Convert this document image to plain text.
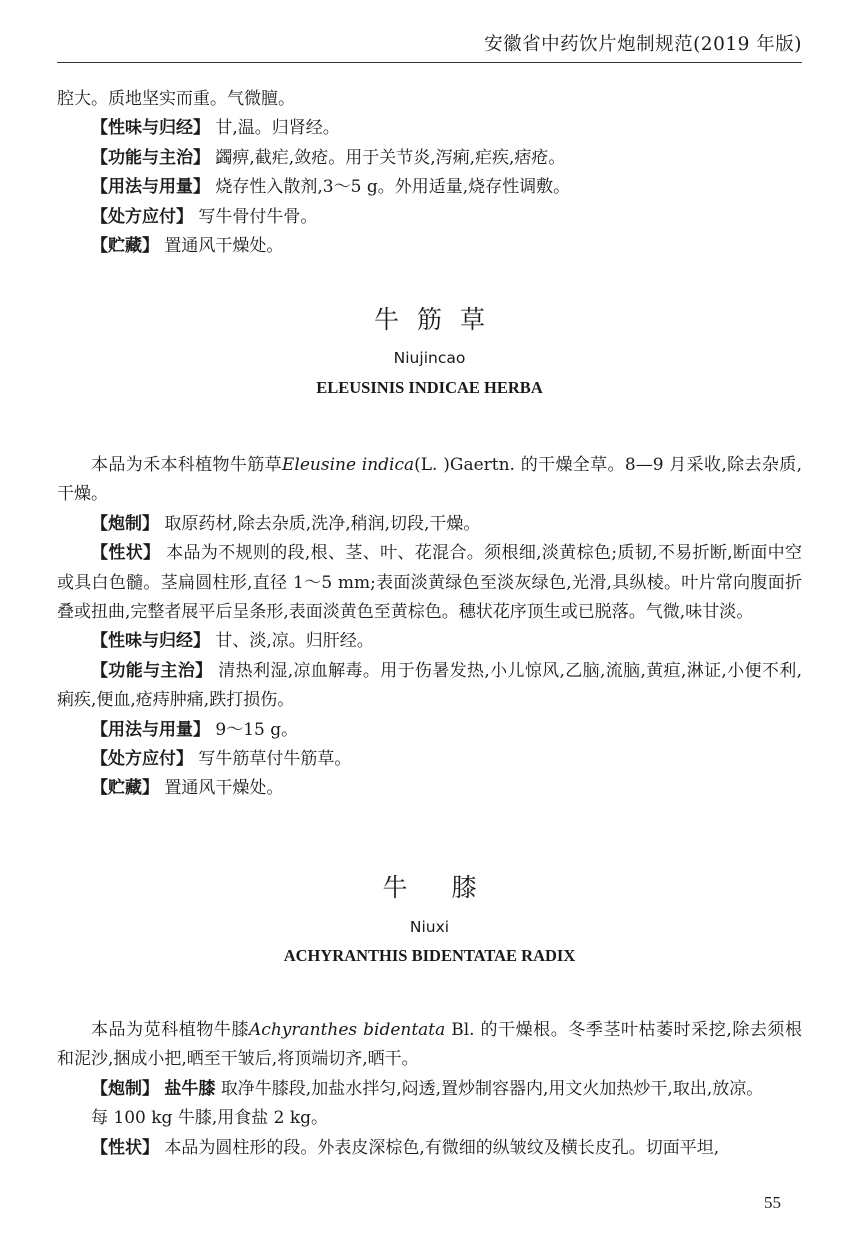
安徽省中药饮片炮制规范(2019 年版)

腔大。质地坚实而重。气微膻。

【性味与归经】 甘,温。归肾经。

【功能与主治】 蠲痹,截疟,敛疮。用于关节炎,泻痢,疟疾,痞疮。

【用法与用量】 烧存性入散剂,3～5 g。外用适量,烧存性调敷。

【处方应付】 写牛骨付牛骨。

【贮藏】 置通风干燥处。

牛筋草
Niujincao
ELEUSINIS INDICAE HERBA

本品为禾本科植物牛筋草Eleusine indica(L. )Gaertn. 的干燥全草。8—9 月采收,除去杂质,干燥。

【炮制】 取原药材,除去杂质,洗净,稍润,切段,干燥。

【性状】 本品为不规则的段,根、茎、叶、花混合。须根细,淡黄棕色;质韧,不易折断,断面中空或具白色髓。茎扁圆柱形,直径 1～5 mm;表面淡黄绿色至淡灰绿色,光滑,具纵棱。叶片常向腹面折叠或扭曲,完整者展平后呈条形,表面淡黄色至黄棕色。穗状花序顶生或已脱落。气微,味甘淡。

【性味与归经】 甘、淡,凉。归肝经。

【功能与主治】 清热利湿,凉血解毒。用于伤暑发热,小儿惊风,乙脑,流脑,黄疸,淋证,小便不利,痢疾,便血,疮痔肿痛,跌打损伤。

【用法与用量】 9～15 g。

【处方应付】 写牛筋草付牛筋草。

【贮藏】 置通风干燥处。

牛膝
Niuxi
ACHYRANTHIS BIDENTATAE RADIX

本品为苋科植物牛膝Achyranthes bidentata Bl. 的干燥根。冬季茎叶枯萎时采挖,除去须根和泥沙,捆成小把,晒至干皱后,将顶端切齐,晒干。

【炮制】 盐牛膝 取净牛膝段,加盐水拌匀,闷透,置炒制容器内,用文火加热炒干,取出,放凉。

每 100 kg 牛膝,用食盐 2 kg。

【性状】 本品为圆柱形的段。外表皮深棕色,有微细的纵皱纹及横长皮孔。切面平坦,

55
